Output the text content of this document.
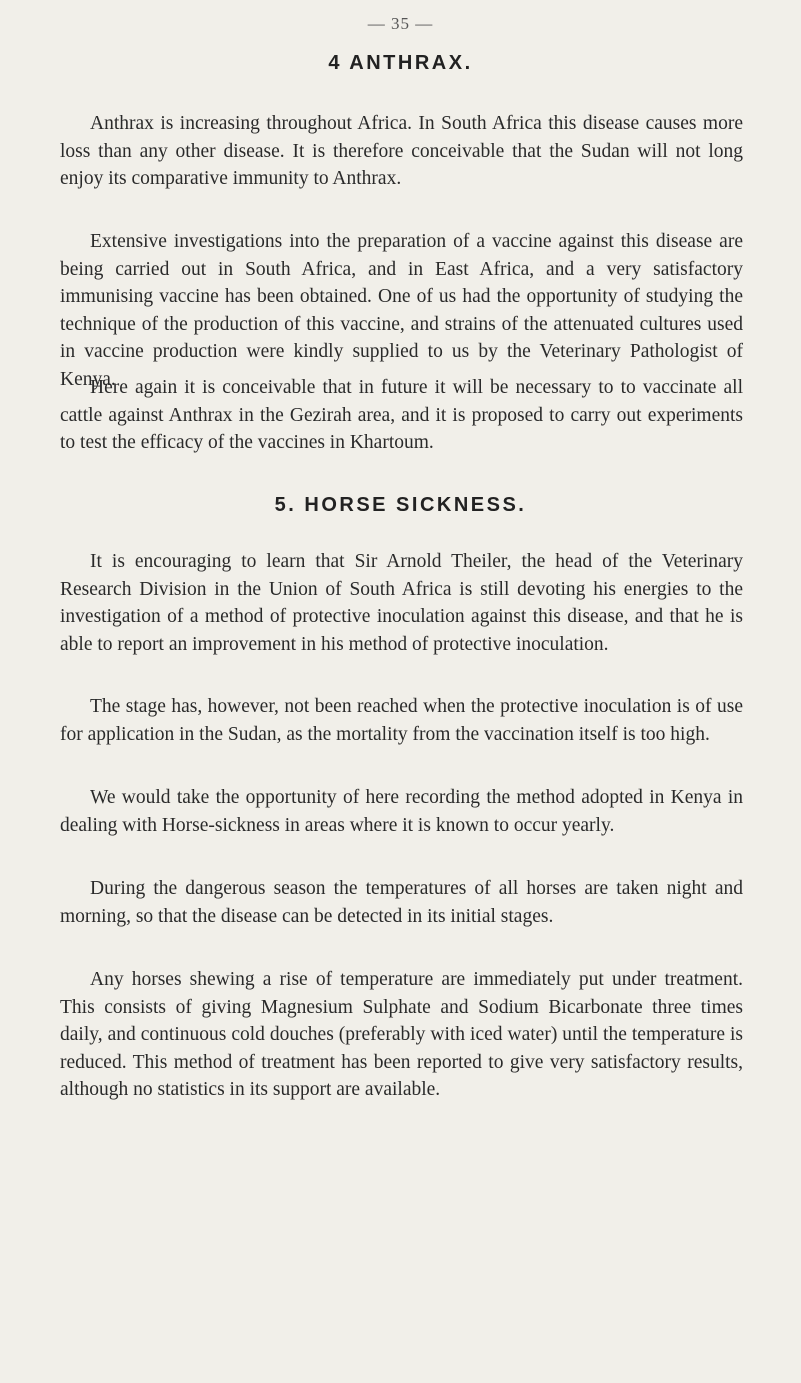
— 35 —
4 ANTHRAX.

Anthrax is increasing throughout Africa. In South Africa this disease causes more loss than any other disease. It is therefore conceivable that the Sudan will not long enjoy its comparative immunity to Anthrax.

Extensive investigations into the preparation of a vaccine against this disease are being carried out in South Africa, and in East Africa, and a very satisfactory immunising vaccine has been obtained. One of us had the opportunity of studying the technique of the production of this vaccine, and strains of the attenuated cultures used in vaccine production were kindly supplied to us by the Veterinary Pathologist of Kenya.

Here again it is conceivable that in future it will be necessary to to vaccinate all cattle against Anthrax in the Gezirah area, and it is proposed to carry out experiments to test the efficacy of the vaccines in Khartoum.

5. HORSE SICKNESS.

It is encouraging to learn that Sir Arnold Theiler, the head of the Veterinary Research Division in the Union of South Africa is still devoting his energies to the investigation of a method of protective inoculation against this disease, and that he is able to report an improvement in his method of protective inoculation.

The stage has, however, not been reached when the protective inoculation is of use for application in the Sudan, as the mortality from the vaccination itself is too high.

We would take the opportunity of here recording the method adopted in Kenya in dealing with Horse-sickness in areas where it is known to occur yearly.

During the dangerous season the temperatures of all horses are taken night and morning, so that the disease can be detected in its initial stages.

Any horses shewing a rise of temperature are immediately put under treatment. This consists of giving Magnesium Sulphate and Sodium Bicarbonate three times daily, and continuous cold douches (preferably with iced water) until the temperature is reduced. This method of treatment has been reported to give very satisfactory results, although no statistics in its support are available.
